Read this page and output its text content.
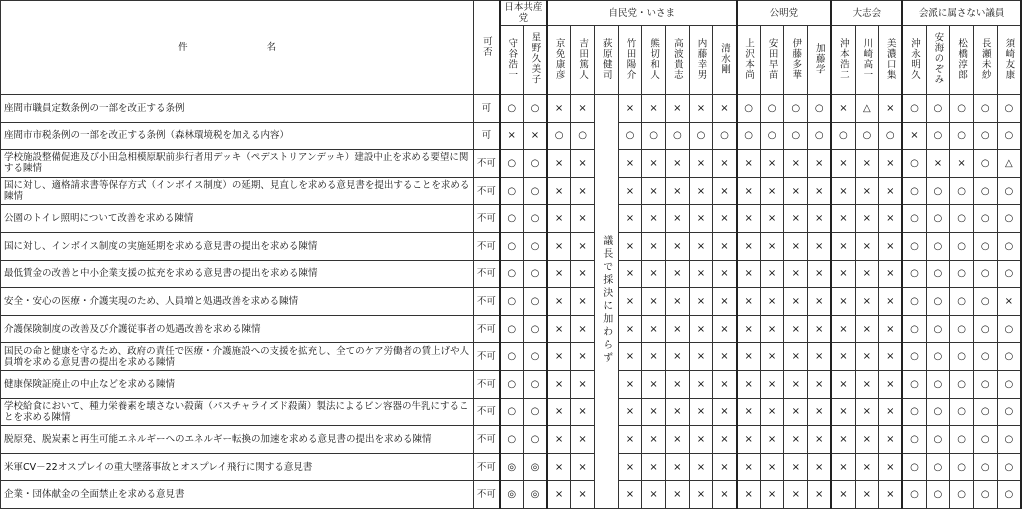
件　　名	可否	日本共産党		自民党・いさま								公明党				大志会			会派に属さない議員				
		守谷浩一	星野久美子	京免康彦	吉田篤人	荻原健司	竹田陽介	熊切和人	高波貴志	内藤幸男	清水剛	上沢本尚	安田早苗	伊藤多華	加藤学	沖本浩二	川崎高一	美濃口集	沖永明久	安海のぞみ	松橋淳郎	長瀬未紗	須崎友康
座間市職員定数条例の一部を改正する条例	可	○	○	×	×	議長で採決に加わらず	×	×	×	×	×	○	○	○	○	×	△	×	○	○	○	○	○
座間市市税条例の一部を改正する条例（森林環境税を加える内容）	可	×	×	○	○		○	○	○	○	○	○	○	○	○	○	○	○	×	○	○	○	○
学校施設整備促進及び小田急相模原駅前歩行者用デッキ（ペデストリアンデッキ）建設中止を求める要望に関する陳情	不可	○	○	×	×		×	×	×	×	×	×	×	×	×	×	×	×	○	×	×	○	△
国に対し、適格請求書等保存方式（インボイス制度）の延期、見直しを求める意見書を提出することを求める陳情	不可	○	○	×	×		×	×	×	×	×	×	×	×	×	×	×	×	○	○	○	○	○
公園のトイレ照明について改善を求める陳情	不可	○	○	×	×		×	×	×	×	×	×	×	×	×	×	×	×	○	○	○	○	○
国に対し、インボイス制度の実施延期を求める意見書の提出を求める陳情	不可	○	○	×	×		×	×	×	×	×	×	×	×	×	×	×	×	○	○	○	○	○
最低賃金の改善と中小企業支援の拡充を求める意見書の提出を求める陳情	不可	○	○	×	×		×	×	×	×	×	×	×	×	×	×	×	×	○	○	○	○	○
安全・安心の医療・介護実現のため、人員増と処遇改善を求める陳情	不可	○	○	×	×		×	×	×	×	×	×	×	×	×	×	×	×	○	○	○	○	×
介護保険制度の改善及び介護従事者の処遇改善を求める陳情	不可	○	○	×	×		×	×	×	×	×	×	×	×	×	×	×	×	○	○	○	○	○
国民の命と健康を守るため、政府の責任で医療・介護施設への支援を拡充し、全てのケア労働者の賃上げや人員増を求める意見書の提出を求める陳情	不可	○	○	×	×		×	×	×	×	×	×	×	×	×	×	×	×	○	○	○	○	○
健康保険証廃止の中止などを求める陳情	不可	○	○	×	×		×	×	×	×	×	×	×	×	×	×	×	×	○	○	○	○	○
学校給食において、種力栄養素を壊さない殺菌（パスチャライズド殺菌）製法によるビン容器の牛乳にすることを求める陳情	不可	○	○	×	×		×	×	×	×	×	×	×	×	×	×	×	×	○	○	○	○	○
脱原発、脱炭素と再生可能エネルギーへのエネルギー転換の加速を求める意見書の提出を求める陳情	不可	○	○	×	×		×	×	×	×	×	×	×	×	×	×	×	×	○	○	○	○	○
米軍CV－22オスプレイの重大墜落事故とオスプレイ飛行に関する意見書	不可	◎	◎	×	×		×	×	×	×	×	×	×	×	×	×	×	×	○	○	○	○	○
企業・団体献金の全面禁止を求める意見書	不可	◎	◎	×	×		×	×	×	×	×	×	×	×	×	×	×	×	○	○	○	○	○
